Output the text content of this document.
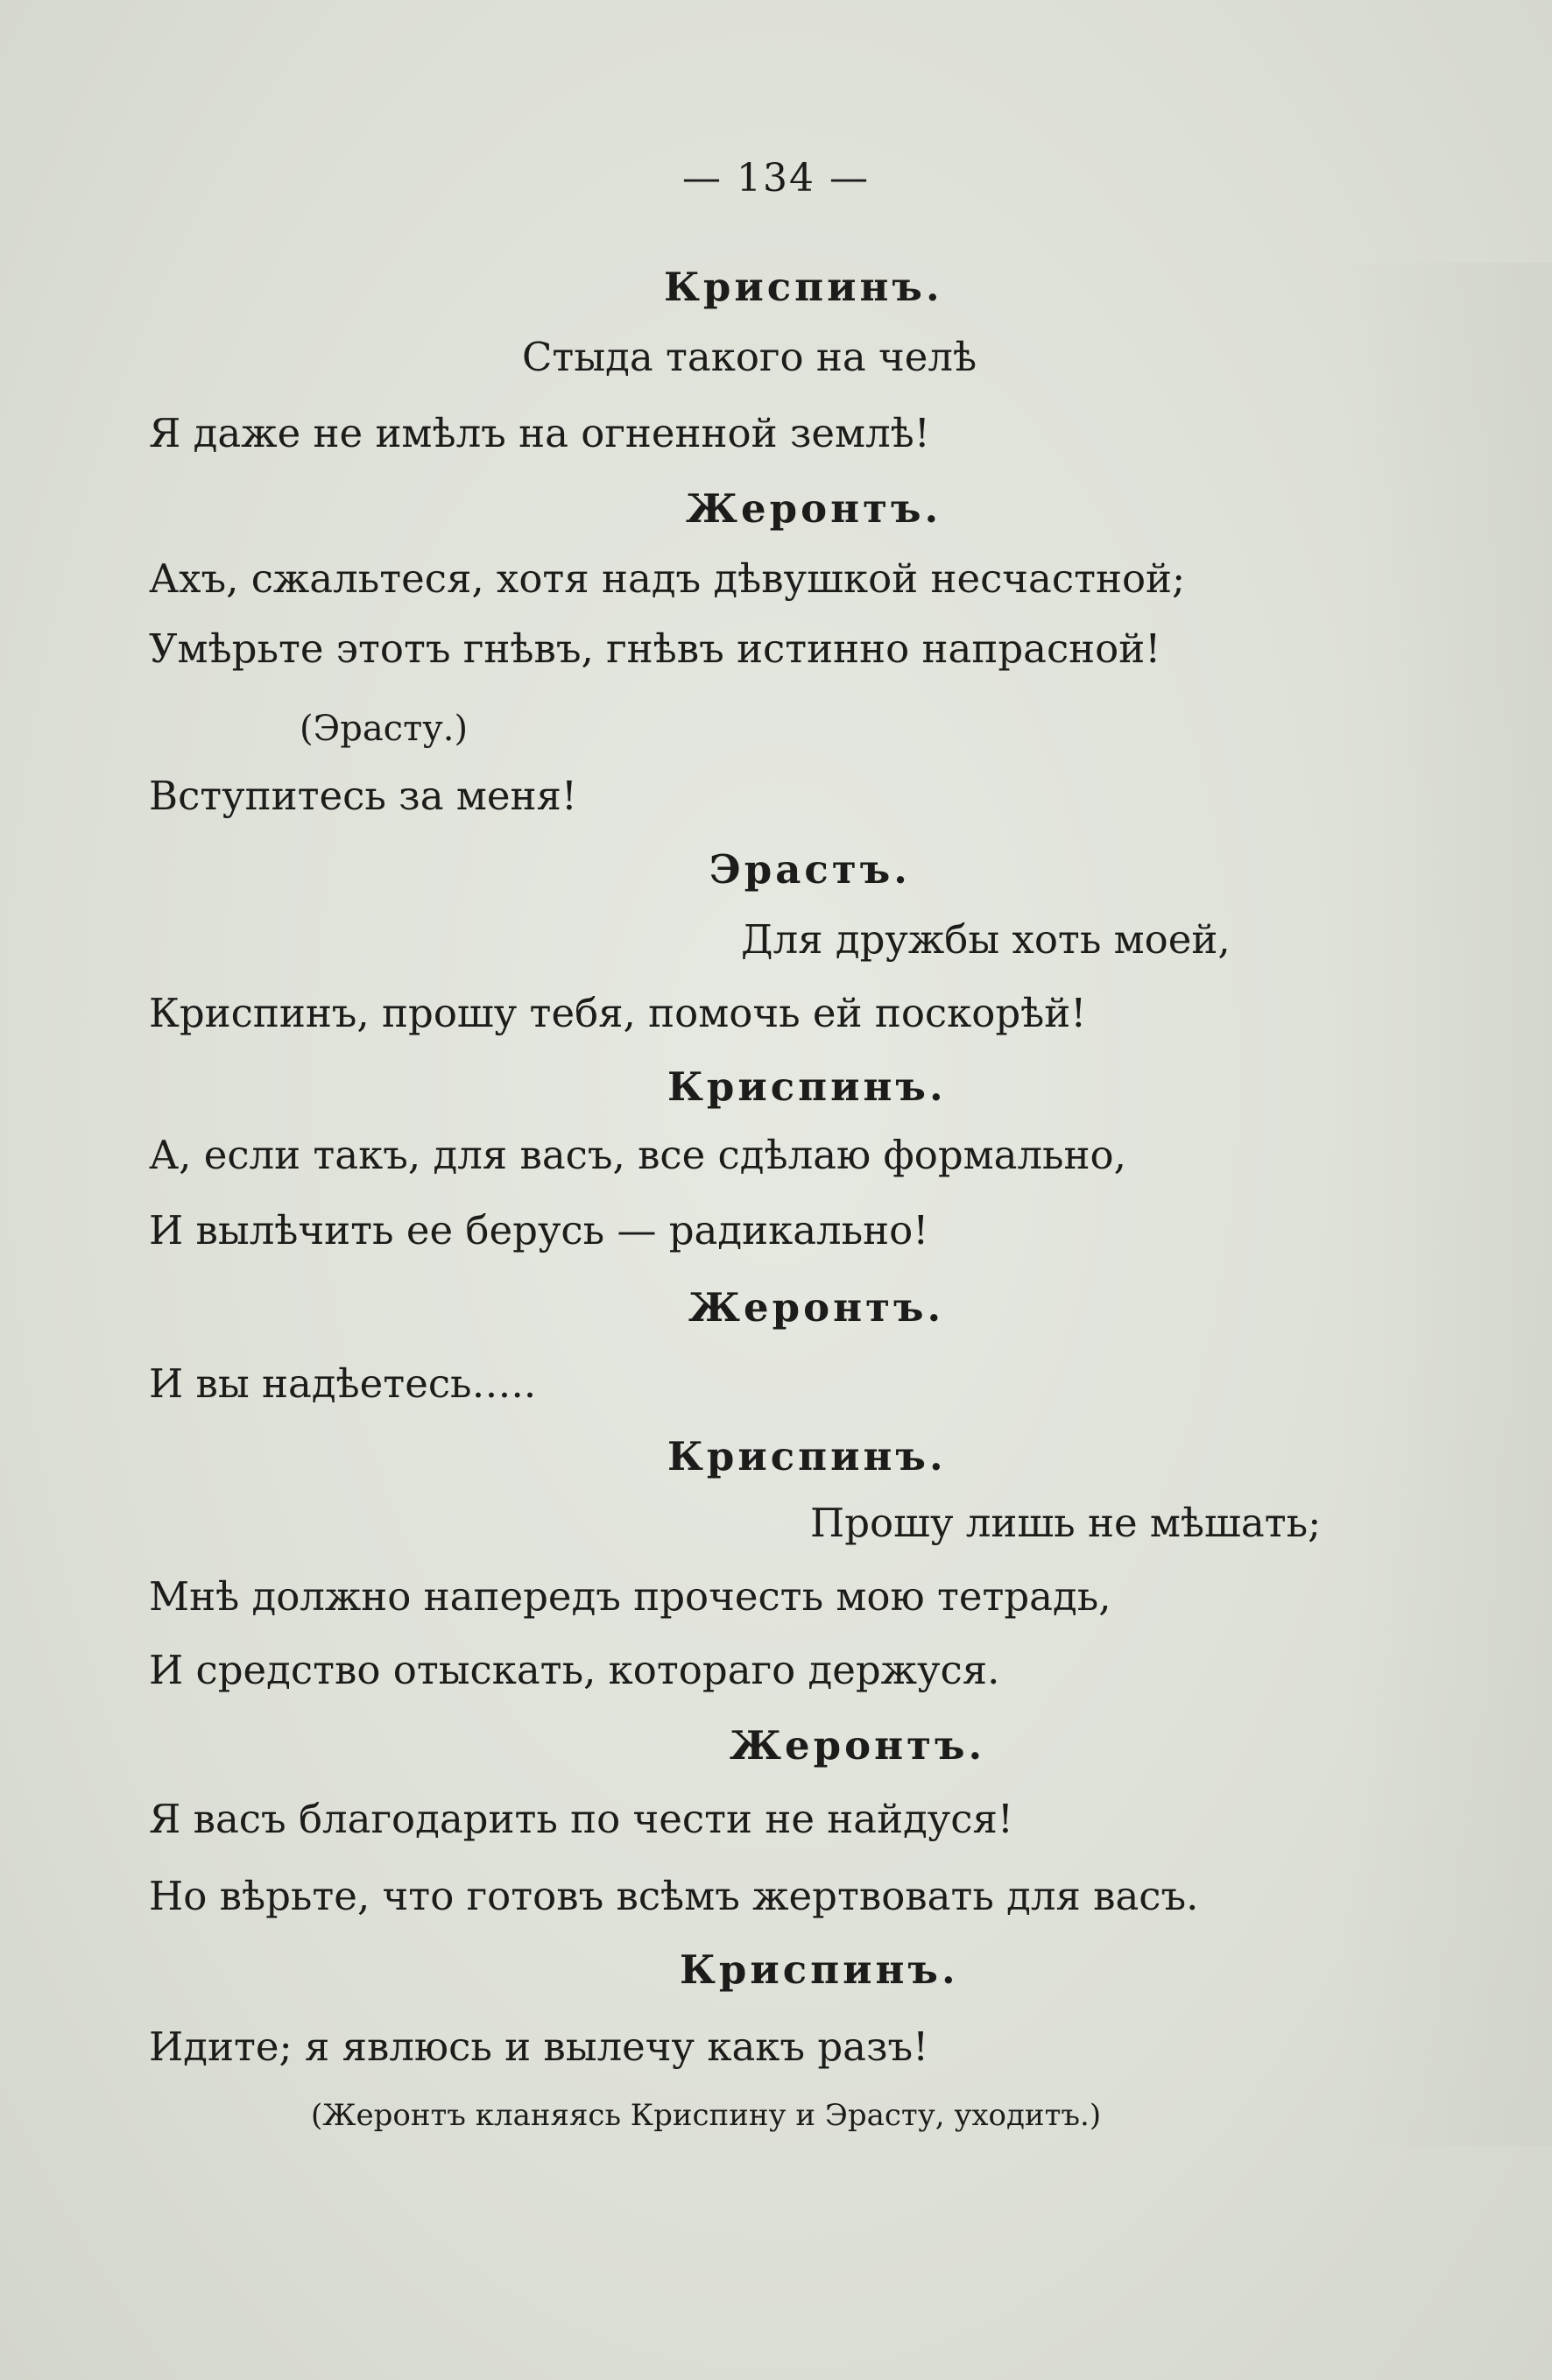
— 134 —
Криспинъ.
Стыда такого на челѣ
Я даже не имѣлъ на огненной землѣ!
Жеронтъ.
Ахъ, сжальтеся, хотя надъ дѣвушкой несчастной;
Умѣрьте этотъ гнѣвъ, гнѣвъ истинно напрасной!
(Эрасту.)
Вступитесь за меня!
Эрастъ.
Для дружбы хоть моей,
Криспинъ, прошу тебя, помочь ей поскорѣй!
Криспинъ.
А, если такъ, для васъ, все сдѣлаю формально,
И вылѣчить ее берусь — радикально!
Жеронтъ.
И вы надѣетесь…..
Криспинъ.
Прошу лишь не мѣшать;
Мнѣ должно напередъ прочесть мою тетрадь,
И средство отыскать, котораго держуся.
Жеронтъ.
Я васъ благодарить по чести не найдуся!
Но вѣрьте, что готовъ всѣмъ жертвовать для васъ.
Криспинъ.
Идите; я явлюсь и вылечу какъ разъ!
(Жеронтъ кланяясь Криспину и Эрасту, уходитъ.)
